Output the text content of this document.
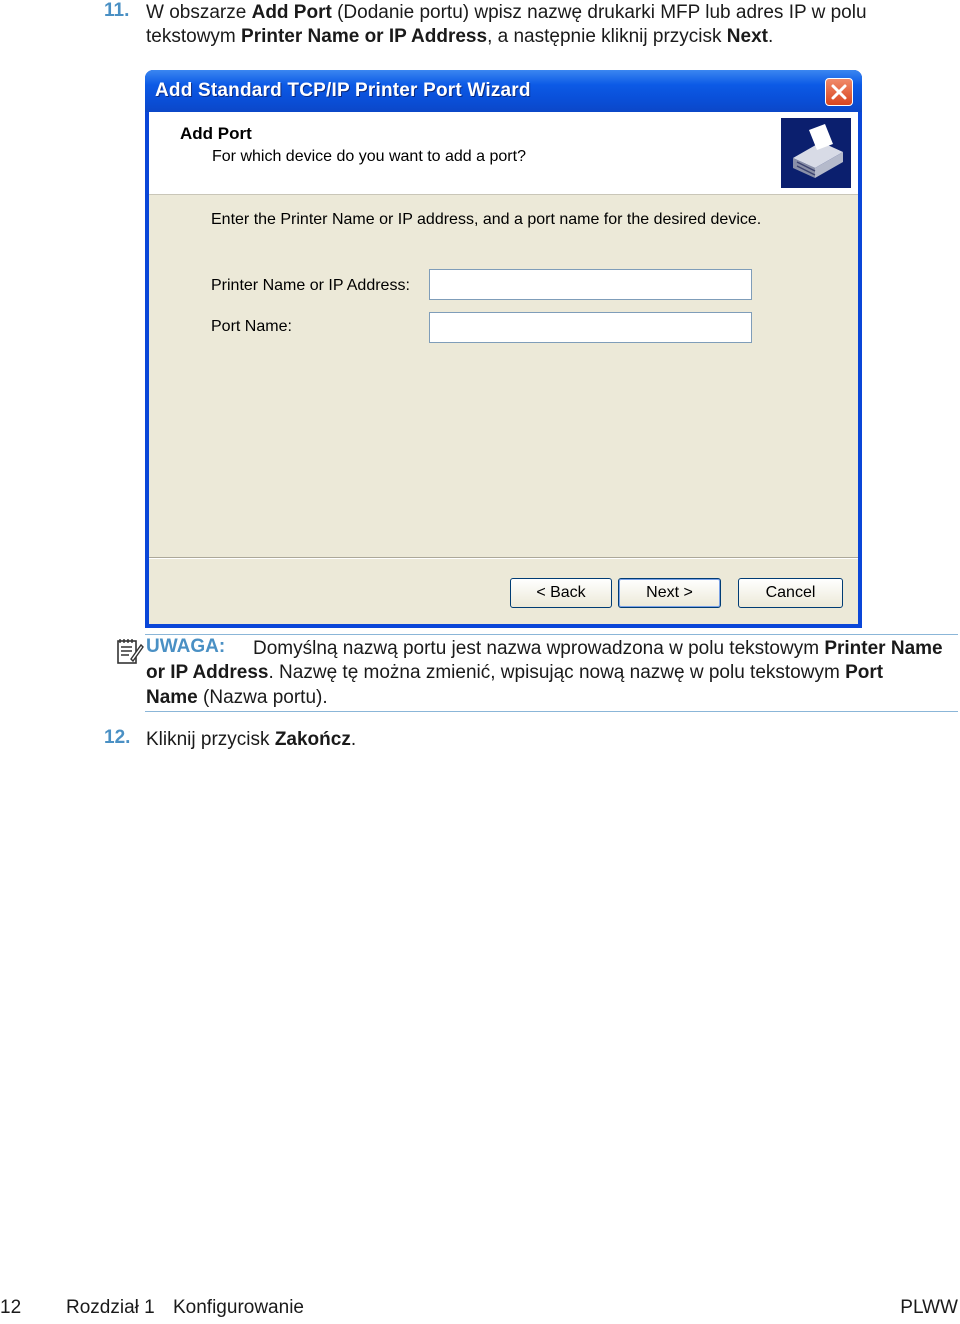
11. W obszarze Add Port (Dodanie portu) wpisz nazwę drukarki MFP lub adres IP w polu
tekstowym Printer Name or IP Address, a następnie kliknij przycisk Next.
Add Standard TCP/IP Printer Port Wizard
Add Port
For which device do you want to add a port?
Enter the Printer Name or IP address, and a port name for the desired device.
Printer Name or IP Address:
Port Name:
< Back	Next >	Cancel
UWAGA: Domyślną nazwą portu jest nazwa wprowadzona w polu tekstowym Printer Name
or IP Address. Nazwę tę można zmienić, wpisując nową nazwę w polu tekstowym Port
Name (Nazwa portu).
12. Kliknij przycisk Zakończ.
12 Rozdział 1 Konfigurowanie	PLWW
